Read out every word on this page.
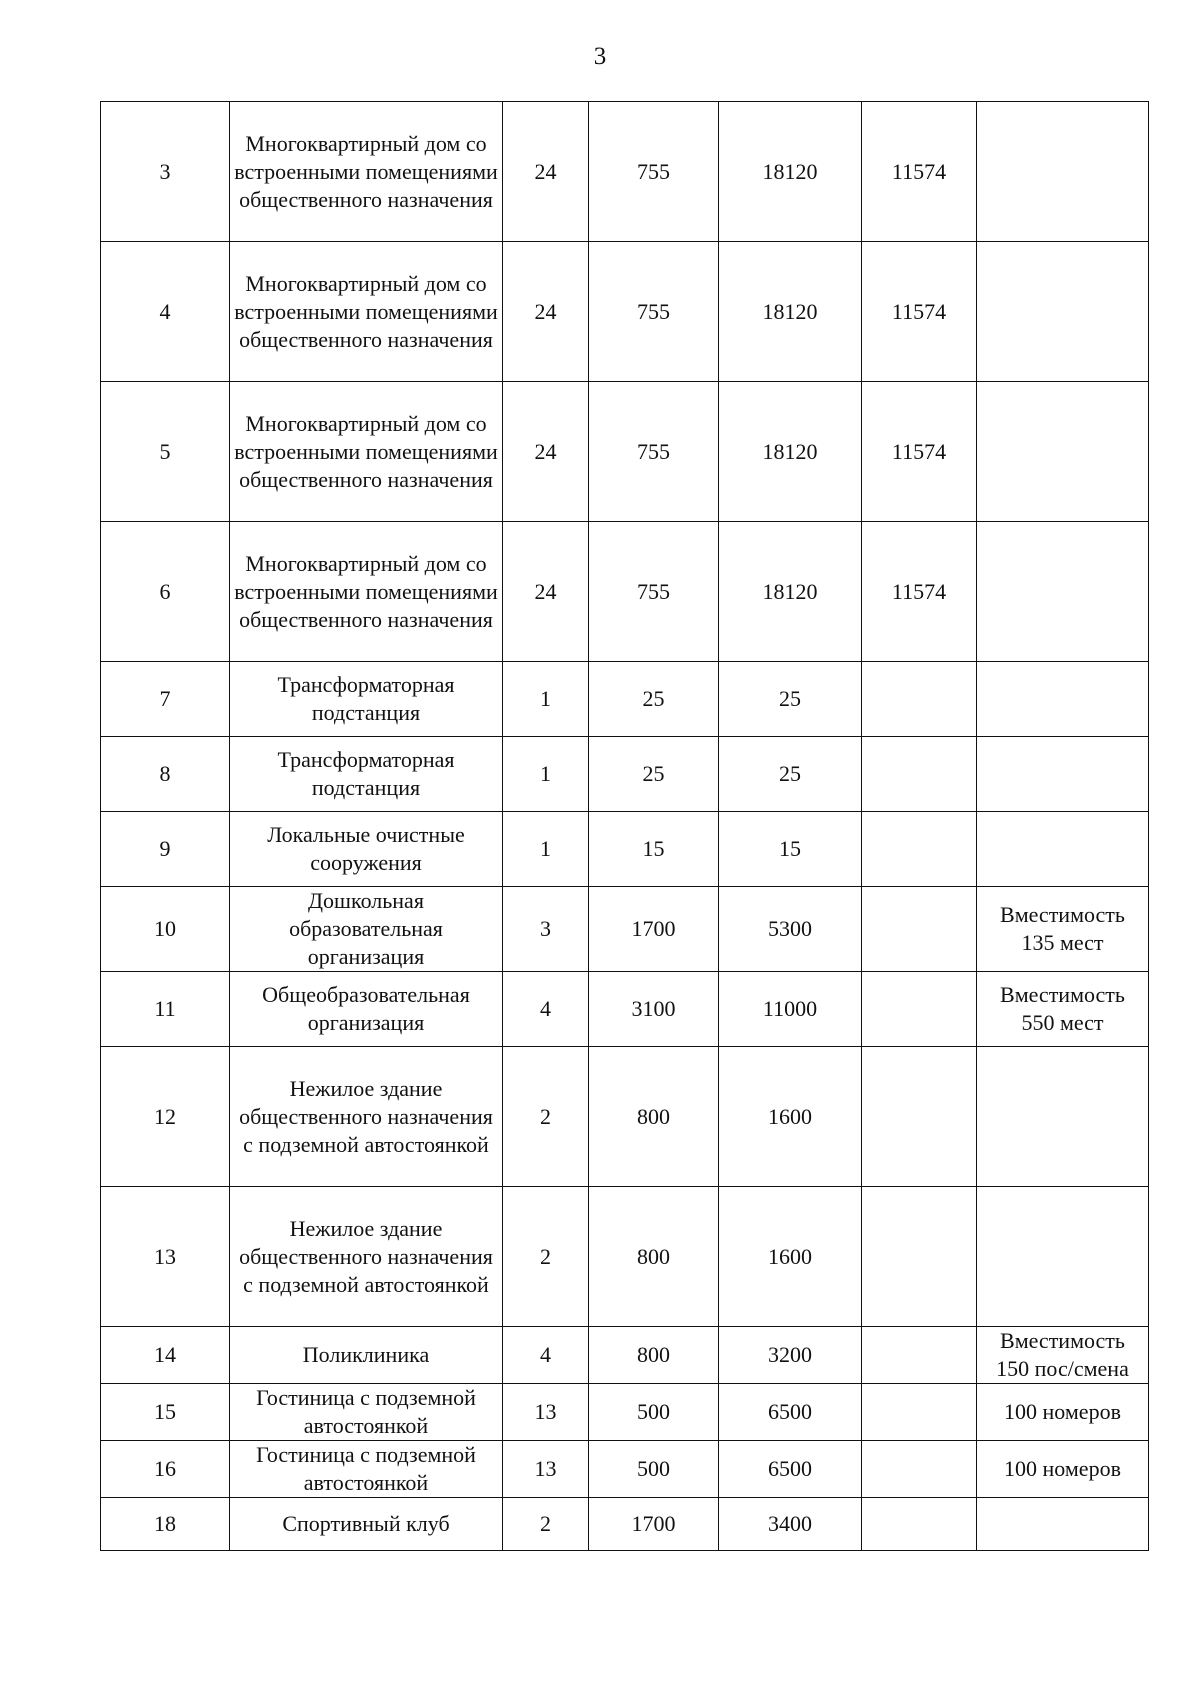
3
3	Многоквартирный дом со встроенными помещениями общественного назначения	24	755	18120	11574	
4	Многоквартирный дом со встроенными помещениями общественного назначения	24	755	18120	11574	
5	Многоквартирный дом со встроенными помещениями общественного назначения	24	755	18120	11574	
6	Многоквартирный дом со встроенными помещениями общественного назначения	24	755	18120	11574	
7	Трансформаторная подстанция	1	25	25		
8	Трансформаторная подстанция	1	25	25		
9	Локальные очистные сооружения	1	15	15		
10	Дошкольная образовательная организация	3	1700	5300		Вместимость 135 мест
11	Общеобразовательная организация	4	3100	11000		Вместимость 550 мест
12	Нежилое здание общественного назначения с подземной автостоянкой	2	800	1600		
13	Нежилое здание общественного назначения с подземной автостоянкой	2	800	1600		
14	Поликлиника	4	800	3200		Вместимость 150 пос/смена
15	Гостиница с подземной автостоянкой	13	500	6500		100 номеров
16	Гостиница с подземной автостоянкой	13	500	6500		100 номеров
18	Спортивный клуб	2	1700	3400		
